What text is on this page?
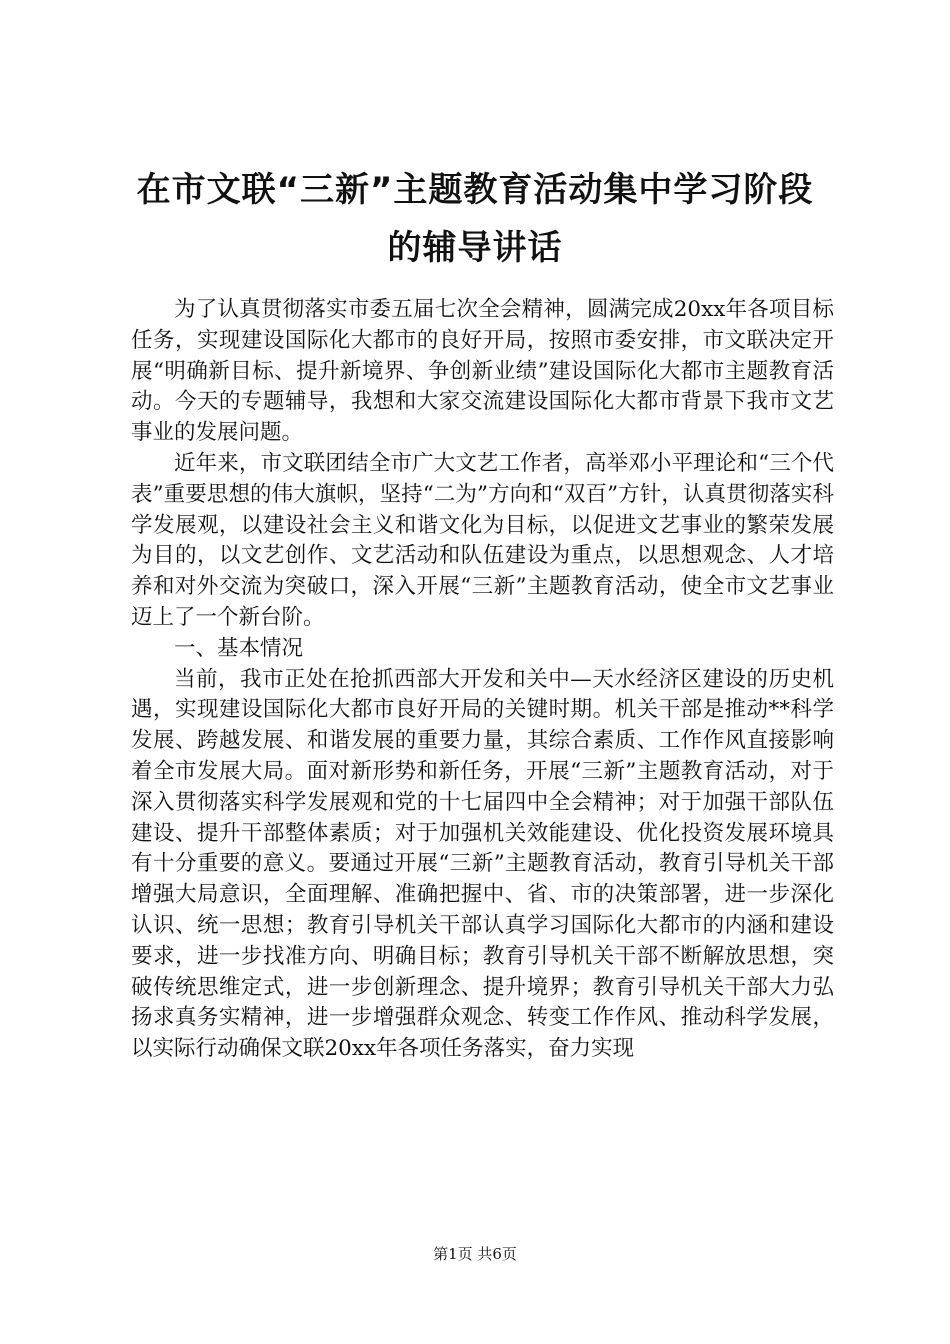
在市文联“三新”主题教育活动集中学习阶段
的辅导讲话

为了认真贯彻落实市委五届七次全会精神，圆满完成20xx年各项目标任务，实现建设国际化大都市的良好开局，按照市委安排，市文联决定开展“明确新目标、提升新境界、争创新业绩”建设国际化大都市主题教育活动。今天的专题辅导，我想和大家交流建设国际化大都市背景下我市文艺事业的发展问题。

近年来，市文联团结全市广大文艺工作者，高举邓小平理论和“三个代表”重要思想的伟大旗帜，坚持“二为”方向和“双百”方针，认真贯彻落实科学发展观，以建设社会主义和谐文化为目标，以促进文艺事业的繁荣发展为目的，以文艺创作、文艺活动和队伍建设为重点，以思想观念、人才培养和对外交流为突破口，深入开展“三新”主题教育活动，使全市文艺事业迈上了一个新台阶。

一、基本情况

当前，我市正处在抢抓西部大开发和关中—天水经济区建设的历史机遇，实现建设国际化大都市良好开局的关键时期。机关干部是推动**科学发展、跨越发展、和谐发展的重要力量，其综合素质、工作作风直接影响着全市发展大局。面对新形势和新任务，开展“三新”主题教育活动，对于深入贯彻落实科学发展观和党的十七届四中全会精神；对于加强干部队伍建设、提升干部整体素质；对于加强机关效能建设、优化投资发展环境具有十分重要的意义。要通过开展“三新”主题教育活动，教育引导机关干部增强大局意识，全面理解、准确把握中、省、市的决策部署，进一步深化认识、统一思想；教育引导机关干部认真学习国际化大都市的内涵和建设要求，进一步找准方向、明确目标；教育引导机关干部不断解放思想，突破传统思维定式，进一步创新理念、提升境界；教育引导机关干部大力弘扬求真务实精神，进一步增强群众观念、转变工作作风、推动科学发展，以实际行动确保文联20xx年各项任务落实，奋力实现

第1页 共6页
